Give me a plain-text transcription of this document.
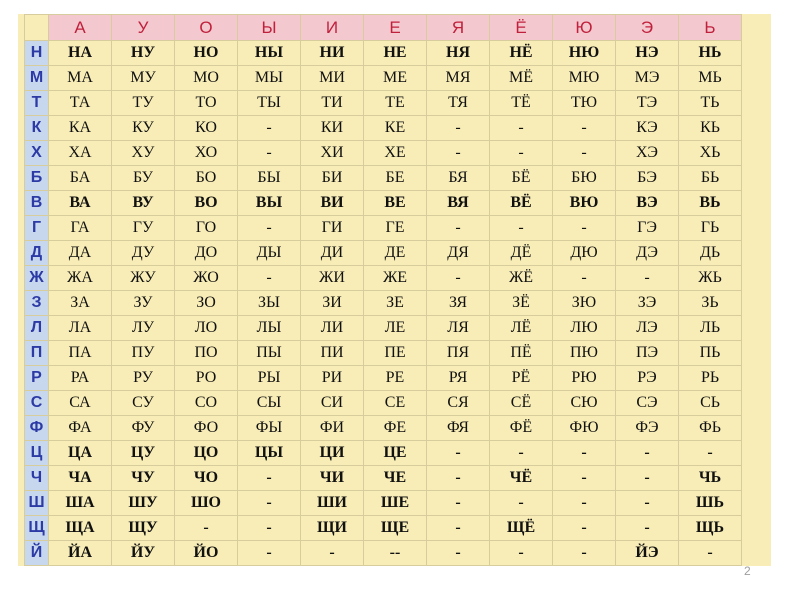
	А	У	О	Ы	И	Е	Я	Ё	Ю	Э	Ь
Н	НА	НУ	НО	НЫ	НИ	НЕ	НЯ	НЁ	НЮ	НЭ	НЬ
М	МА	МУ	МО	МЫ	МИ	МЕ	МЯ	МЁ	МЮ	МЭ	МЬ
Т	ТА	ТУ	ТО	ТЫ	ТИ	ТЕ	ТЯ	ТЁ	ТЮ	ТЭ	ТЬ
К	КА	КУ	КО	-	КИ	КЕ	-	-	-	КЭ	КЬ
Х	ХА	ХУ	ХО	-	ХИ	ХЕ	-	-	-	ХЭ	ХЬ
Б	БА	БУ	БО	БЫ	БИ	БЕ	БЯ	БЁ	БЮ	БЭ	БЬ
В	ВА	ВУ	ВО	ВЫ	ВИ	ВЕ	ВЯ	ВЁ	ВЮ	ВЭ	ВЬ
Г	ГА	ГУ	ГО	-	ГИ	ГЕ	-	-	-	ГЭ	ГЬ
Д	ДА	ДУ	ДО	ДЫ	ДИ	ДЕ	ДЯ	ДЁ	ДЮ	ДЭ	ДЬ
Ж	ЖА	ЖУ	ЖО	-	ЖИ	ЖЕ	-	ЖЁ	-	-	ЖЬ
З	ЗА	ЗУ	ЗО	ЗЫ	ЗИ	ЗЕ	ЗЯ	ЗЁ	ЗЮ	ЗЭ	ЗЬ
Л	ЛА	ЛУ	ЛО	ЛЫ	ЛИ	ЛЕ	ЛЯ	ЛЁ	ЛЮ	ЛЭ	ЛЬ
П	ПА	ПУ	ПО	ПЫ	ПИ	ПЕ	ПЯ	ПЁ	ПЮ	ПЭ	ПЬ
Р	РА	РУ	РО	РЫ	РИ	РЕ	РЯ	РЁ	РЮ	РЭ	РЬ
С	СА	СУ	СО	СЫ	СИ	СЕ	СЯ	СЁ	СЮ	СЭ	СЬ
Ф	ФА	ФУ	ФО	ФЫ	ФИ	ФЕ	ФЯ	ФЁ	ФЮ	ФЭ	ФЬ
Ц	ЦА	ЦУ	ЦО	ЦЫ	ЦИ	ЦЕ	-	-	-	-	-
Ч	ЧА	ЧУ	ЧО	-	ЧИ	ЧЕ	-	ЧЁ	-	-	ЧЬ
Ш	ША	ШУ	ШО	-	ШИ	ШЕ	-	-	-	-	ШЬ
Щ	ЩА	ЩУ	-	-	ЩИ	ЩЕ	-	ЩЁ	-	-	ЩЬ
Й	ЙА	ЙУ	ЙО	-	-	--	-	-	-	ЙЭ	-
2
